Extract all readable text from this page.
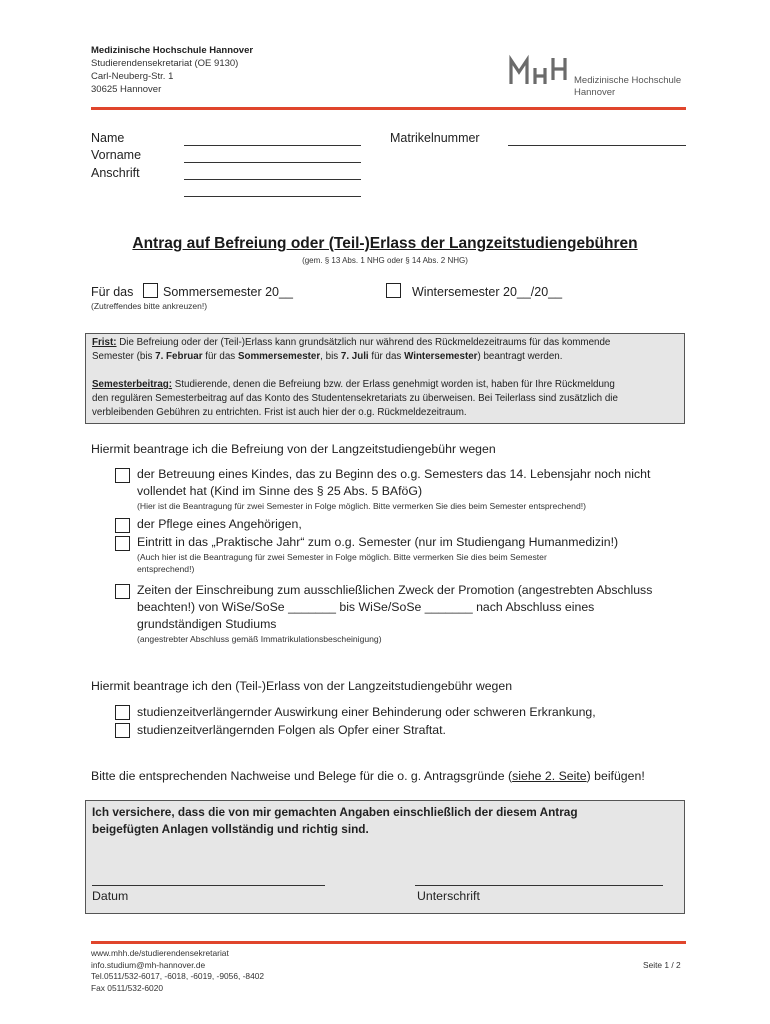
Medizinische Hochschule Hannover
Studierendensekretariat (OE 9130)
Carl-Neuberg-Str. 1
30625 Hannover
Medizinische Hochschule
Hannover
Name
Vorname
Anschrift
Matrikelnummer
Antrag auf Befreiung oder (Teil-)Erlass der Langzeitstudiengebühren
(gem. § 13 Abs. 1 NHG oder § 14 Abs. 2 NHG)
Für das Sommersemester 20__	Wintersemester 20__/20__
(Zutreffendes bitte ankreuzen!)
Frist: Die Befreiung oder der (Teil-)Erlass kann grundsätzlich nur während des Rückmeldezeitraums für das kommende
Semester (bis 7. Februar für das Sommersemester, bis 7. Juli für das Wintersemester) beantragt werden.
Semesterbeitrag: Studierende, denen die Befreiung bzw. der Erlass genehmigt worden ist, haben für Ihre Rückmeldung
den regulären Semesterbeitrag auf das Konto des Studentensekretariats zu überweisen. Bei Teilerlass sind zusätzlich die
verbleibenden Gebühren zu entrichten. Frist ist auch hier der o.g. Rückmeldezeitraum.
Hiermit beantrage ich die Befreiung von der Langzeitstudiengebühr wegen
der Betreuung eines Kindes, das zu Beginn des o.g. Semesters das 14. Lebensjahr noch nicht
vollendet hat (Kind im Sinne des § 25 Abs. 5 BAföG)
(Hier ist die Beantragung für zwei Semester in Folge möglich. Bitte vermerken Sie dies beim Semester entsprechend!)
der Pflege eines Angehörigen,
Eintritt in das „Praktische Jahr“ zum o.g. Semester (nur im Studiengang Humanmedizin!)
(Auch hier ist die Beantragung für zwei Semester in Folge möglich. Bitte vermerken Sie dies beim Semester
entsprechend!)
Zeiten der Einschreibung zum ausschließlichen Zweck der Promotion (angestrebten Abschluss
beachten!) von WiSe/SoSe _______ bis WiSe/SoSe _______ nach Abschluss eines
grundständigen Studiums
(angestrebter Abschluss gemäß Immatrikulationsbescheinigung)
Hiermit beantrage ich den (Teil-)Erlass von der Langzeitstudiengebühr wegen
studienzeitverlängernder Auswirkung einer Behinderung oder schweren Erkrankung,
studienzeitverlängernden Folgen als Opfer einer Straftat.
Bitte die entsprechenden Nachweise und Belege für die o. g. Antragsgründe (siehe 2. Seite) beifügen!
Ich versichere, dass die von mir gemachten Angaben einschließlich der diesem Antrag
beigefügten Anlagen vollständig und richtig sind.
Datum	Unterschrift
www.mhh.de/studierendensekretariat
info.studium@mh-hannover.de
Tel.0511/532-6017, -6018, -6019, -9056, -8402
Fax 0511/532-6020
Seite 1 / 2
